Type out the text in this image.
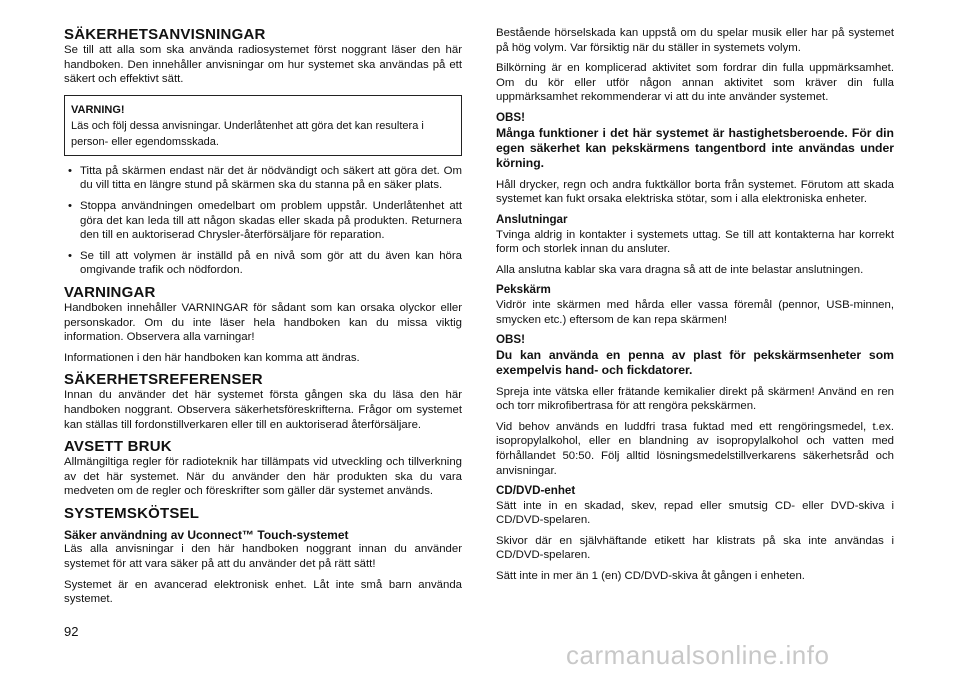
SÄKERHETSANVISNINGAR

Se till att alla som ska använda radiosystemet först noggrant läser den här handboken. Den innehåller anvisningar om hur systemet ska användas på ett säkert och effektivt sätt.

VARNING!
Läs och följ dessa anvisningar. Underlåtenhet att göra det kan resultera i person- eller egendomsskada.
• Titta på skärmen endast när det är nödvändigt och säkert att göra det. Om du vill titta en längre stund på skärmen ska du stanna på en säker plats.
• Stoppa användningen omedelbart om problem uppstår. Underlåtenhet att göra det kan leda till att någon skadas eller skada på produkten. Returnera den till en auktoriserad Chrysler-återförsäljare för reparation.
• Se till att volymen är inställd på en nivå som gör att du även kan höra omgivande trafik och nödfordon.
VARNINGAR

Handboken innehåller VARNINGAR för sådant som kan orsaka olyckor eller personskador. Om du inte läser hela handboken kan du missa viktig information. Observera alla varningar!

Informationen i den här handboken kan komma att ändras.

SÄKERHETSREFERENSER

Innan du använder det här systemet första gången ska du läsa den här handboken noggrant. Observera säkerhetsföreskrifterna. Frågor om systemet kan ställas till fordonstillverkaren eller till en auktoriserad återförsäljare.

AVSETT BRUK

Allmängiltiga regler för radioteknik har tillämpats vid utveckling och tillverkning av det här systemet. När du använder den här produkten ska du vara medveten om de regler och föreskrifter som gäller där systemet används.

SYSTEMSKÖTSEL
Säker användning av Uconnect™ Touch-systemet

Läs alla anvisningar i den här handboken noggrant innan du använder systemet för att vara säker på att du använder det på rätt sätt!

Systemet är en avancerad elektronisk enhet. Låt inte små barn använda systemet.

Bestående hörselskada kan uppstå om du spelar musik eller har på systemet på hög volym. Var försiktig när du ställer in systemets volym.

Bilkörning är en komplicerad aktivitet som fordrar din fulla uppmärksamhet. Om du kör eller utför någon annan aktivitet som kräver din fulla uppmärksamhet rekommenderar vi att du inte använder systemet.

OBS!
Många funktioner i det här systemet är hastighetsberoende. För din egen säkerhet kan pekskärmens tangentbord inte användas under körning.

Håll drycker, regn och andra fuktkällor borta från systemet. Förutom att skada systemet kan fukt orsaka elektriska stötar, som i alla elektroniska enheter.

Anslutningar

Tvinga aldrig in kontakter i systemets uttag. Se till att kontakterna har korrekt form och storlek innan du ansluter.

Alla anslutna kablar ska vara dragna så att de inte belastar anslutningen.

Pekskärm

Vidrör inte skärmen med hårda eller vassa föremål (pennor, USB-minnen, smycken etc.) eftersom de kan repa skärmen!

OBS!
Du kan använda en penna av plast för pekskärmsenheter som exempelvis hand- och fickdatorer.

Spreja inte vätska eller frätande kemikalier direkt på skärmen! Använd en ren och torr mikrofibertrasa för att rengöra pekskärmen.

Vid behov används en luddfri trasa fuktad med ett rengöringsmedel, t.ex. isopropylalkohol, eller en blandning av isopropylalkohol och vatten med förhållandet 50:50. Följ alltid lösningsmedelstillverkarens säkerhetsråd och anvisningar.

CD/DVD-enhet

Sätt inte in en skadad, skev, repad eller smutsig CD- eller DVD-skiva i CD/DVD-spelaren.

Skivor där en självhäftande etikett har klistrats på ska inte användas i CD/DVD-spelaren.

Sätt inte in mer än 1 (en) CD/DVD-skiva åt gången i enheten.

92
carmanualsonline.info
